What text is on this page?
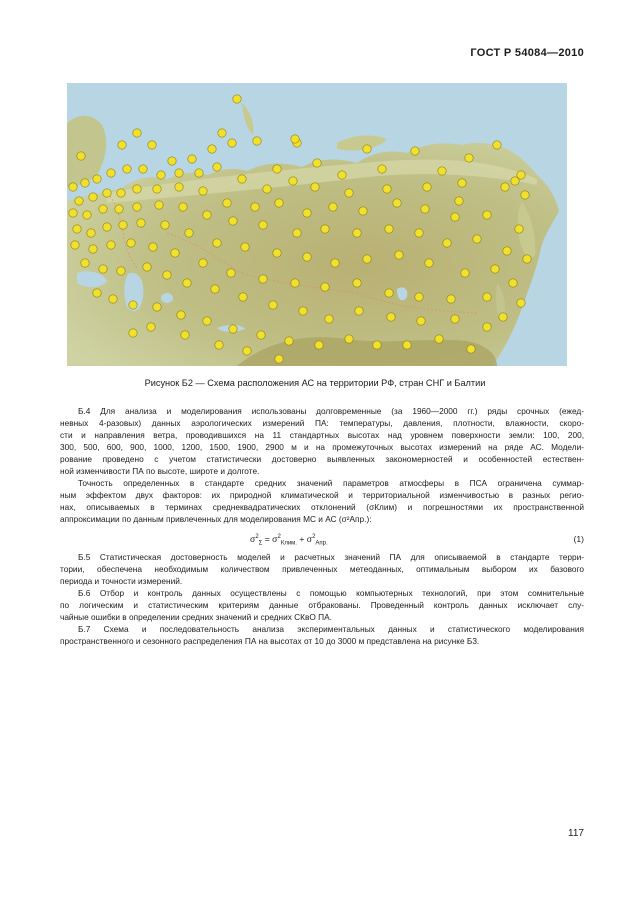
ГОСТ Р 54084—2010
Рисунок Б2 — Схема расположения АС на территории РФ, стран СНГ и Балтии
Б.4 Для анализа и моделирования использованы долговременные (за 1960—2000 гг.) ряды срочных (ежед-
невных 4-разовых) данных аэрологических измерений ПА: температуры, давления, плотности, влажности, скоро-
сти и направления ветра, проводившихся на 11 стандартных высотах над уровнем поверхности земли: 100, 200,
300, 500, 600, 900, 1000, 1200, 1500, 1900, 2900 м и на промежуточных высотах измерений на ряде АС. Модели-
рование проведено с учетом статистически достоверно выявленных закономерностей и особенностей естествен-
ной изменчивости ПА по высоте, широте и долготе.
Точность определенных в стандарте средних значений параметров атмосферы в ПСА ограничена суммар-
ным эффектом двух факторов: их природной климатической и территориальной изменчивостью в разных регио-
нах, описываемых в терминах среднеквадратических отклонений (σКлим) и погрешностями их пространственной
аппроксимации по данным привлеченных для моделирования МС и АС (σ²Апр.):
$\sigma^2_\Sigma = \sigma^2_{Клим.} + \sigma^2_{Апр.}$	(1)
Б.5 Статистическая достоверность моделей и расчетных значений ПА для описываемой в стандарте терри-
тории, обеспечена необходимым количеством привлеченных метеоданных, оптимальным выбором их базового
периода и точности измерений.
Б.6 Отбор и контроль данных осуществлены с помощью компьютерных технологий, при этом сомнительные
по логическим и статистическим критериям данные отбракованы. Проведенный контроль данных исключает слу-
чайные ошибки в определении средних значений и средних СКвО ПА.
Б.7 Схема и последовательность анализа экспериментальных данных и статистического моделирования
пространственного и сезонного распределения ПА на высотах от 10 до 3000 м представлена на рисунке Б3.
117
